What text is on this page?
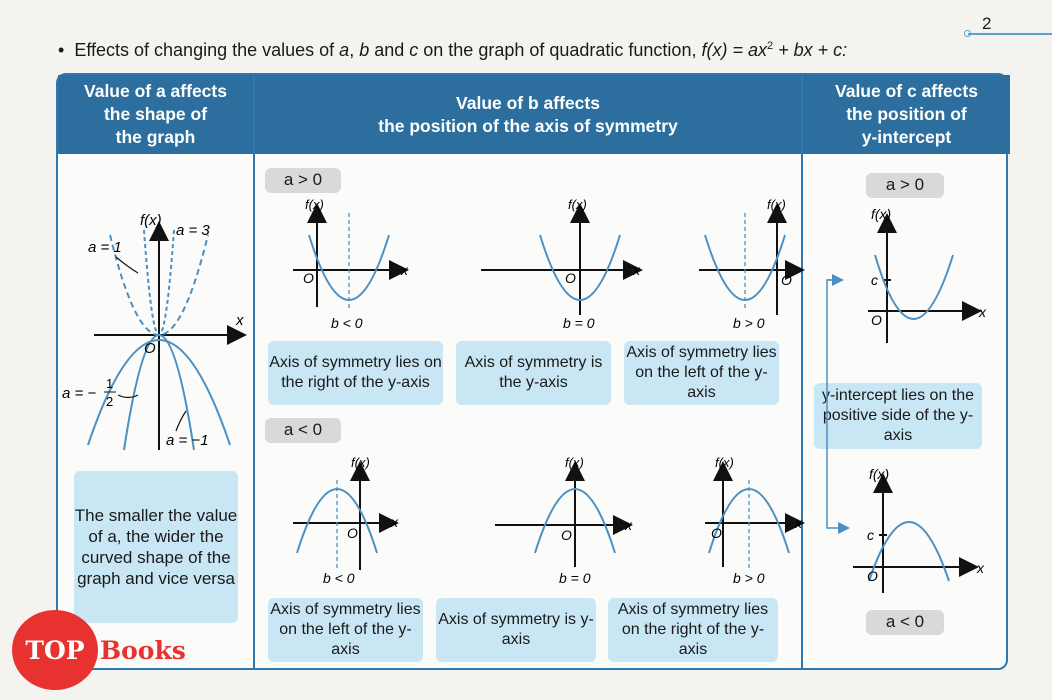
2
• Effects of changing the values of a, b and c on the graph of quadratic function, $f(x) = ax^2$ + bx + c:
Value of a affects
the shape of
the graph
Value of b affects
the position of the axis of symmetry
Value of c affects
the position of
y-intercept
f(x)
x
O
a = 1
a = 3
a = −
1
2
a = −1
The smaller the value of a, the wider the curved shape of the graph and vice versa
a > 0
a < 0
f(x)
x
O
b < 0
f(x)
x
O
b = 0
f(x)
O
b > 0
Axis of symmetry lies on the right of the y-axis
Axis of symmetry is the y-axis
Axis of symmetry lies on the left of the y-axis
f(x)
x
O
b < 0
f(x)
x
O
b = 0
f(x)
x
O
b > 0
Axis of symmetry lies on the left of the y-axis
Axis of symmetry is y-axis
Axis of symmetry lies on the right of the y-axis
a > 0
f(x)
x
O
c
y-intercept lies on the positive side of the y-axis
f(x)
x
O
c
a < 0
TOP Books
